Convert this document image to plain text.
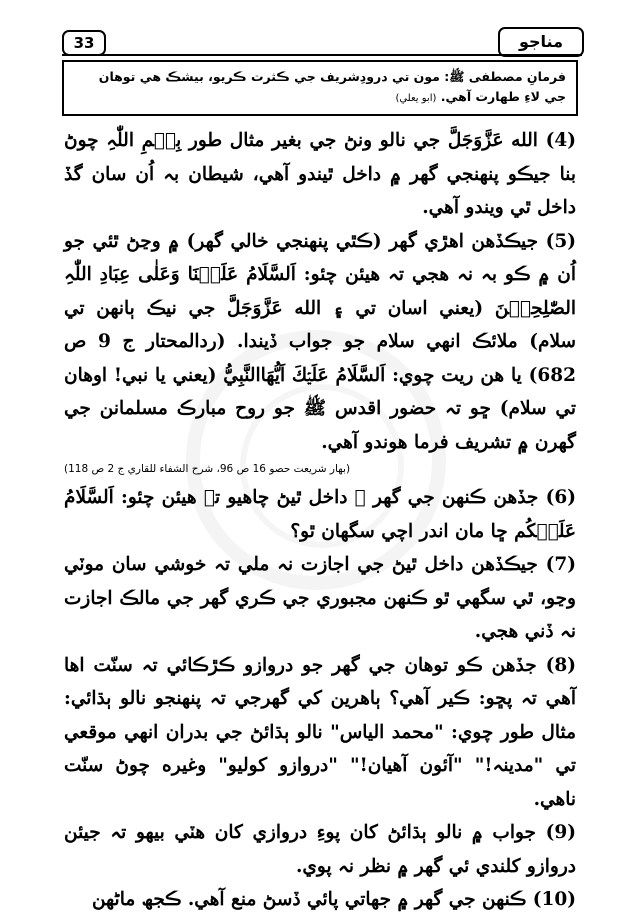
33	مناجو
فرمانِ مصطفی ﷺ: مون تي درودِشريف جي ڪثرت ڪريو، بيشڪ هي توهان جي لاءِ طهارت آهي. (ابو يعلي)

(4) الله عَزَّوَجَلَّ جي نالو ونڻ جي بغير مثال طور بِسۡمِ اللّٰہِ چوڻ بنا جيڪو پنهنجي گھر ۾ داخل ٿيندو آهي، شيطان بہ اُن سان گڏ داخل ٿي ويندو آهي.

(5) جيڪڏهن اهڙي گهر (ڪٿي پنهنجي خالي گهر) ۾ وڃڻ ٿئي جو اُن ۾ ڪو بہ نہ هجي تہ هيئن چئو: اَلسَّلَامُ عَلَيۡنَا وَعَلٰى عِبَادِ اللّٰہِ الصّٰلِحِيۡنَ (يعني اسان تي ۽ الله عَزَّوَجَلَّ جي نيڪ ٻانهن تي سلام) ملائڪ انهي سلام جو جواب ڏيندا. (ردالمحتار ج 9 ص 682) يا هن ريت چوي: اَلسَّلَامُ عَلَيۡكَ اَيُّهَاالنَّبِيُّ (يعني يا نبي! اوهان تي سلام) ڇو تہ حضور اقدس ﷺ جو روح مبارڪ مسلمانن جي گهرن ۾ تشريف فرما هوندو آهي.

(بهار شريعت حصو 16 ص 96، شرح الشفاء للقاري ج 2 ص 118)

(6) جڏهن ڪنهن جي گهر ۾ داخل ٿيڻ چاهيو تہ هيئن چئو: اَلسَّلَامُ عَلَيۡكُم ڇا مان اندر اچي سگهان ٿو؟

(7) جيڪڏهن داخل ٿيڻ جي اجازت نہ ملي تہ خوشي سان موٽي وڃو، ٿي سگهي ٿو ڪنهن مجبوري جي ڪري گهر جي مالڪ اجازت نہ ڏني هجي.

(8) جڏهن ڪو توهان جي گهر جو دروازو ڪڙڪائي تہ سنّت اها آهي تہ پڇو: ڪير آهي؟ ٻاهرين کي گهرجي تہ پنهنجو نالو ٻڌائي: مثال طور چوي: "محمد الياس" نالو ٻڌائڻ جي بدران انهي موقعي تي "مدينہ!" "آئون آهيان!" "دروازو کوليو" وغيره چوڻ سنّت ناهي.

(9) جواب ۾ نالو ٻڌائڻ کان پوءِ دروازي کان هٽي بيهو تہ جيئن دروازو کلندي ئي گهر ۾ نظر نہ پوي.

(10) ڪنهن جي گهر ۾ جهاتي پائي ڏسڻ منع آهي. ڪجھ ماڻهن
